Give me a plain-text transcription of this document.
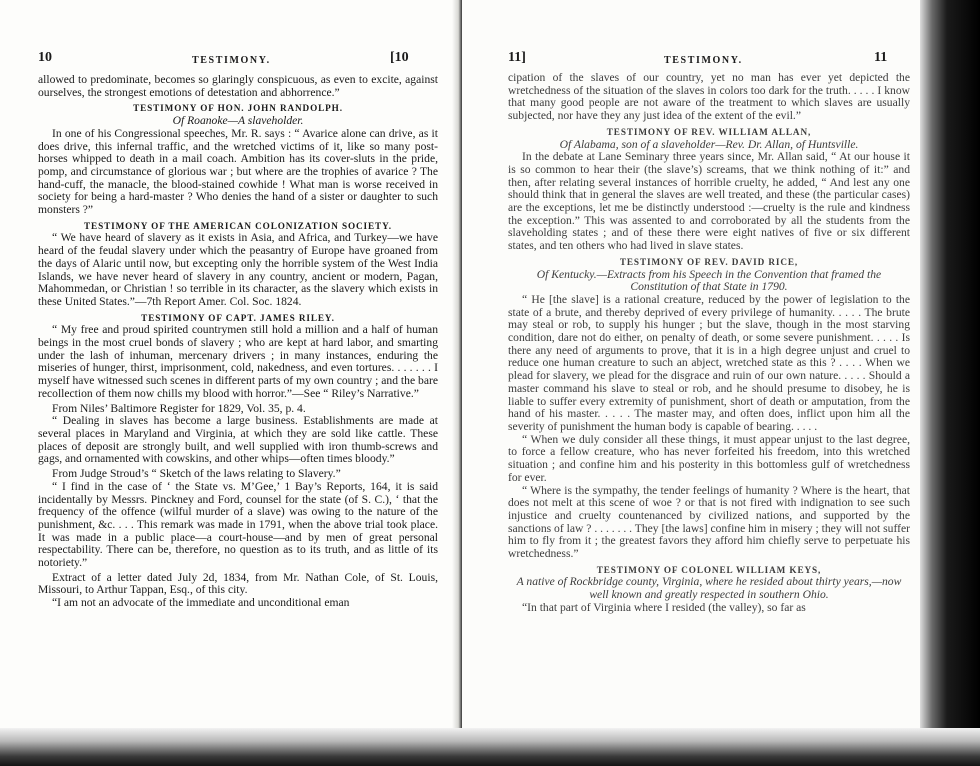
10	TESTIMONY.	[10

allowed to predominate, becomes so glaringly conspicuous, as even to excite, against ourselves, the strongest emotions of detestation and abhorrence.”

TESTIMONY OF HON. JOHN RANDOLPH.

Of Roanoke—A slaveholder.

In one of his Congressional speeches, Mr. R. says : “ Avarice alone can drive, as it does drive, this infernal traffic, and the wretched victims of it, like so many post-horses whipped to death in a mail coach. Ambition has its cover-sluts in the pride, pomp, and circumstance of glorious war ; but where are the trophies of avarice ? The hand-cuff, the manacle, the blood-stained cowhide ! What man is worse received in society for being a hard-master ? Who denies the hand of a sister or daughter to such monsters ?”

TESTIMONY OF THE AMERICAN COLONIZATION SOCIETY.

“ We have heard of slavery as it exists in Asia, and Africa, and Turkey—we have heard of the feudal slavery under which the peasantry of Europe have groaned from the days of Alaric until now, but excepting only the horrible system of the West India Islands, we have never heard of slavery in any country, ancient or modern, Pagan, Mahommedan, or Christian ! so terrible in its character, as the slavery which exists in these United States.”—7th Report Amer. Col. Soc. 1824.

TESTIMONY OF CAPT. JAMES RILEY.

“ My free and proud spirited countrymen still hold a million and a half of human beings in the most cruel bonds of slavery ; who are kept at hard labor, and smarting under the lash of inhuman, mercenary drivers ; in many instances, enduring the miseries of hunger, thirst, imprisonment, cold, nakedness, and even tortures. . . . . . . I myself have witnessed such scenes in different parts of my own country ; and the bare recollection of them now chills my blood with horror.”—See “ Riley’s Narrative.”

From Niles’ Baltimore Register for 1829, Vol. 35, p. 4.

“ Dealing in slaves has become a large business. Establishments are made at several places in Maryland and Virginia, at which they are sold like cattle. These places of deposit are strongly built, and well supplied with iron thumb-screws and gags, and ornamented with cowskins, and other whips—often times bloody.”

From Judge Stroud’s “ Sketch of the laws relating to Slavery.”

“ I find in the case of ‘ the State vs. M’Gee,’ 1 Bay’s Reports, 164, it is said incidentally by Messrs. Pinckney and Ford, counsel for the state (of S. C.), ‘ that the frequency of the offence (wilful murder of a slave) was owing to the nature of the punishment, &c. . . . This remark was made in 1791, when the above trial took place. It was made in a public place—a court-house—and by men of great personal respectability. There can be, therefore, no question as to its truth, and as little of its notoriety.”

Extract of a letter dated July 2d, 1834, from Mr. Nathan Cole, of St. Louis, Missouri, to Arthur Tappan, Esq., of this city.

“I am not an advocate of the immediate and unconditional eman

11]	TESTIMONY.	11

cipation of the slaves of our country, yet no man has ever yet depicted the wretchedness of the situation of the slaves in colors too dark for the truth. . . . . I know that many good people are not aware of the treatment to which slaves are usually subjected, nor have they any just idea of the extent of the evil.”

TESTIMONY OF REV. WILLIAM ALLAN,

Of Alabama, son of a slaveholder—Rev. Dr. Allan, of Huntsville.

In the debate at Lane Seminary three years since, Mr. Allan said, “ At our house it is so common to hear their (the slave’s) screams, that we think nothing of it:” and then, after relating several instances of horrible cruelty, he added, “ And lest any one should think that in general the slaves are well treated, and these (the particular cases) are the exceptions, let me be distinctly understood :—cruelty is the rule and kindness the exception.” This was assented to and corroborated by all the students from the slaveholding states ; and of these there were eight natives of five or six different states, and ten others who had lived in slave states.

TESTIMONY OF REV. DAVID RICE,

Of Kentucky.—Extracts from his Speech in the Convention that framed the Constitution of that State in 1790.

“ He [the slave] is a rational creature, reduced by the power of legislation to the state of a brute, and thereby deprived of every privilege of humanity. . . . . The brute may steal or rob, to supply his hunger ; but the slave, though in the most starving condition, dare not do either, on penalty of death, or some severe punishment. . . . . Is there any need of arguments to prove, that it is in a high degree unjust and cruel to reduce one human creature to such an abject, wretched state as this ? . . . . When we plead for slavery, we plead for the disgrace and ruin of our own nature. . . . . Should a master command his slave to steal or rob, and he should presume to disobey, he is liable to suffer every extremity of punishment, short of death or amputation, from the hand of his master. . . . . The master may, and often does, inflict upon him all the severity of punishment the human body is capable of bearing. . . . .

“ When we duly consider all these things, it must appear unjust to the last degree, to force a fellow creature, who has never forfeited his freedom, into this wretched situation ; and confine him and his posterity in this bottomless gulf of wretchedness for ever.

“ Where is the sympathy, the tender feelings of humanity ? Where is the heart, that does not melt at this scene of woe ? or that is not fired with indignation to see such injustice and cruelty countenanced by civilized nations, and supported by the sanctions of law ? . . . . . . . They [the laws] confine him in misery ; they will not suffer him to fly from it ; the greatest favors they afford him chiefly serve to perpetuate his wretchedness.”

TESTIMONY OF COLONEL WILLIAM KEYS,

A native of Rockbridge county, Virginia, where he resided about thirty years,—now well known and greatly respected in southern Ohio.

“In that part of Virginia where I resided (the valley), so far as
